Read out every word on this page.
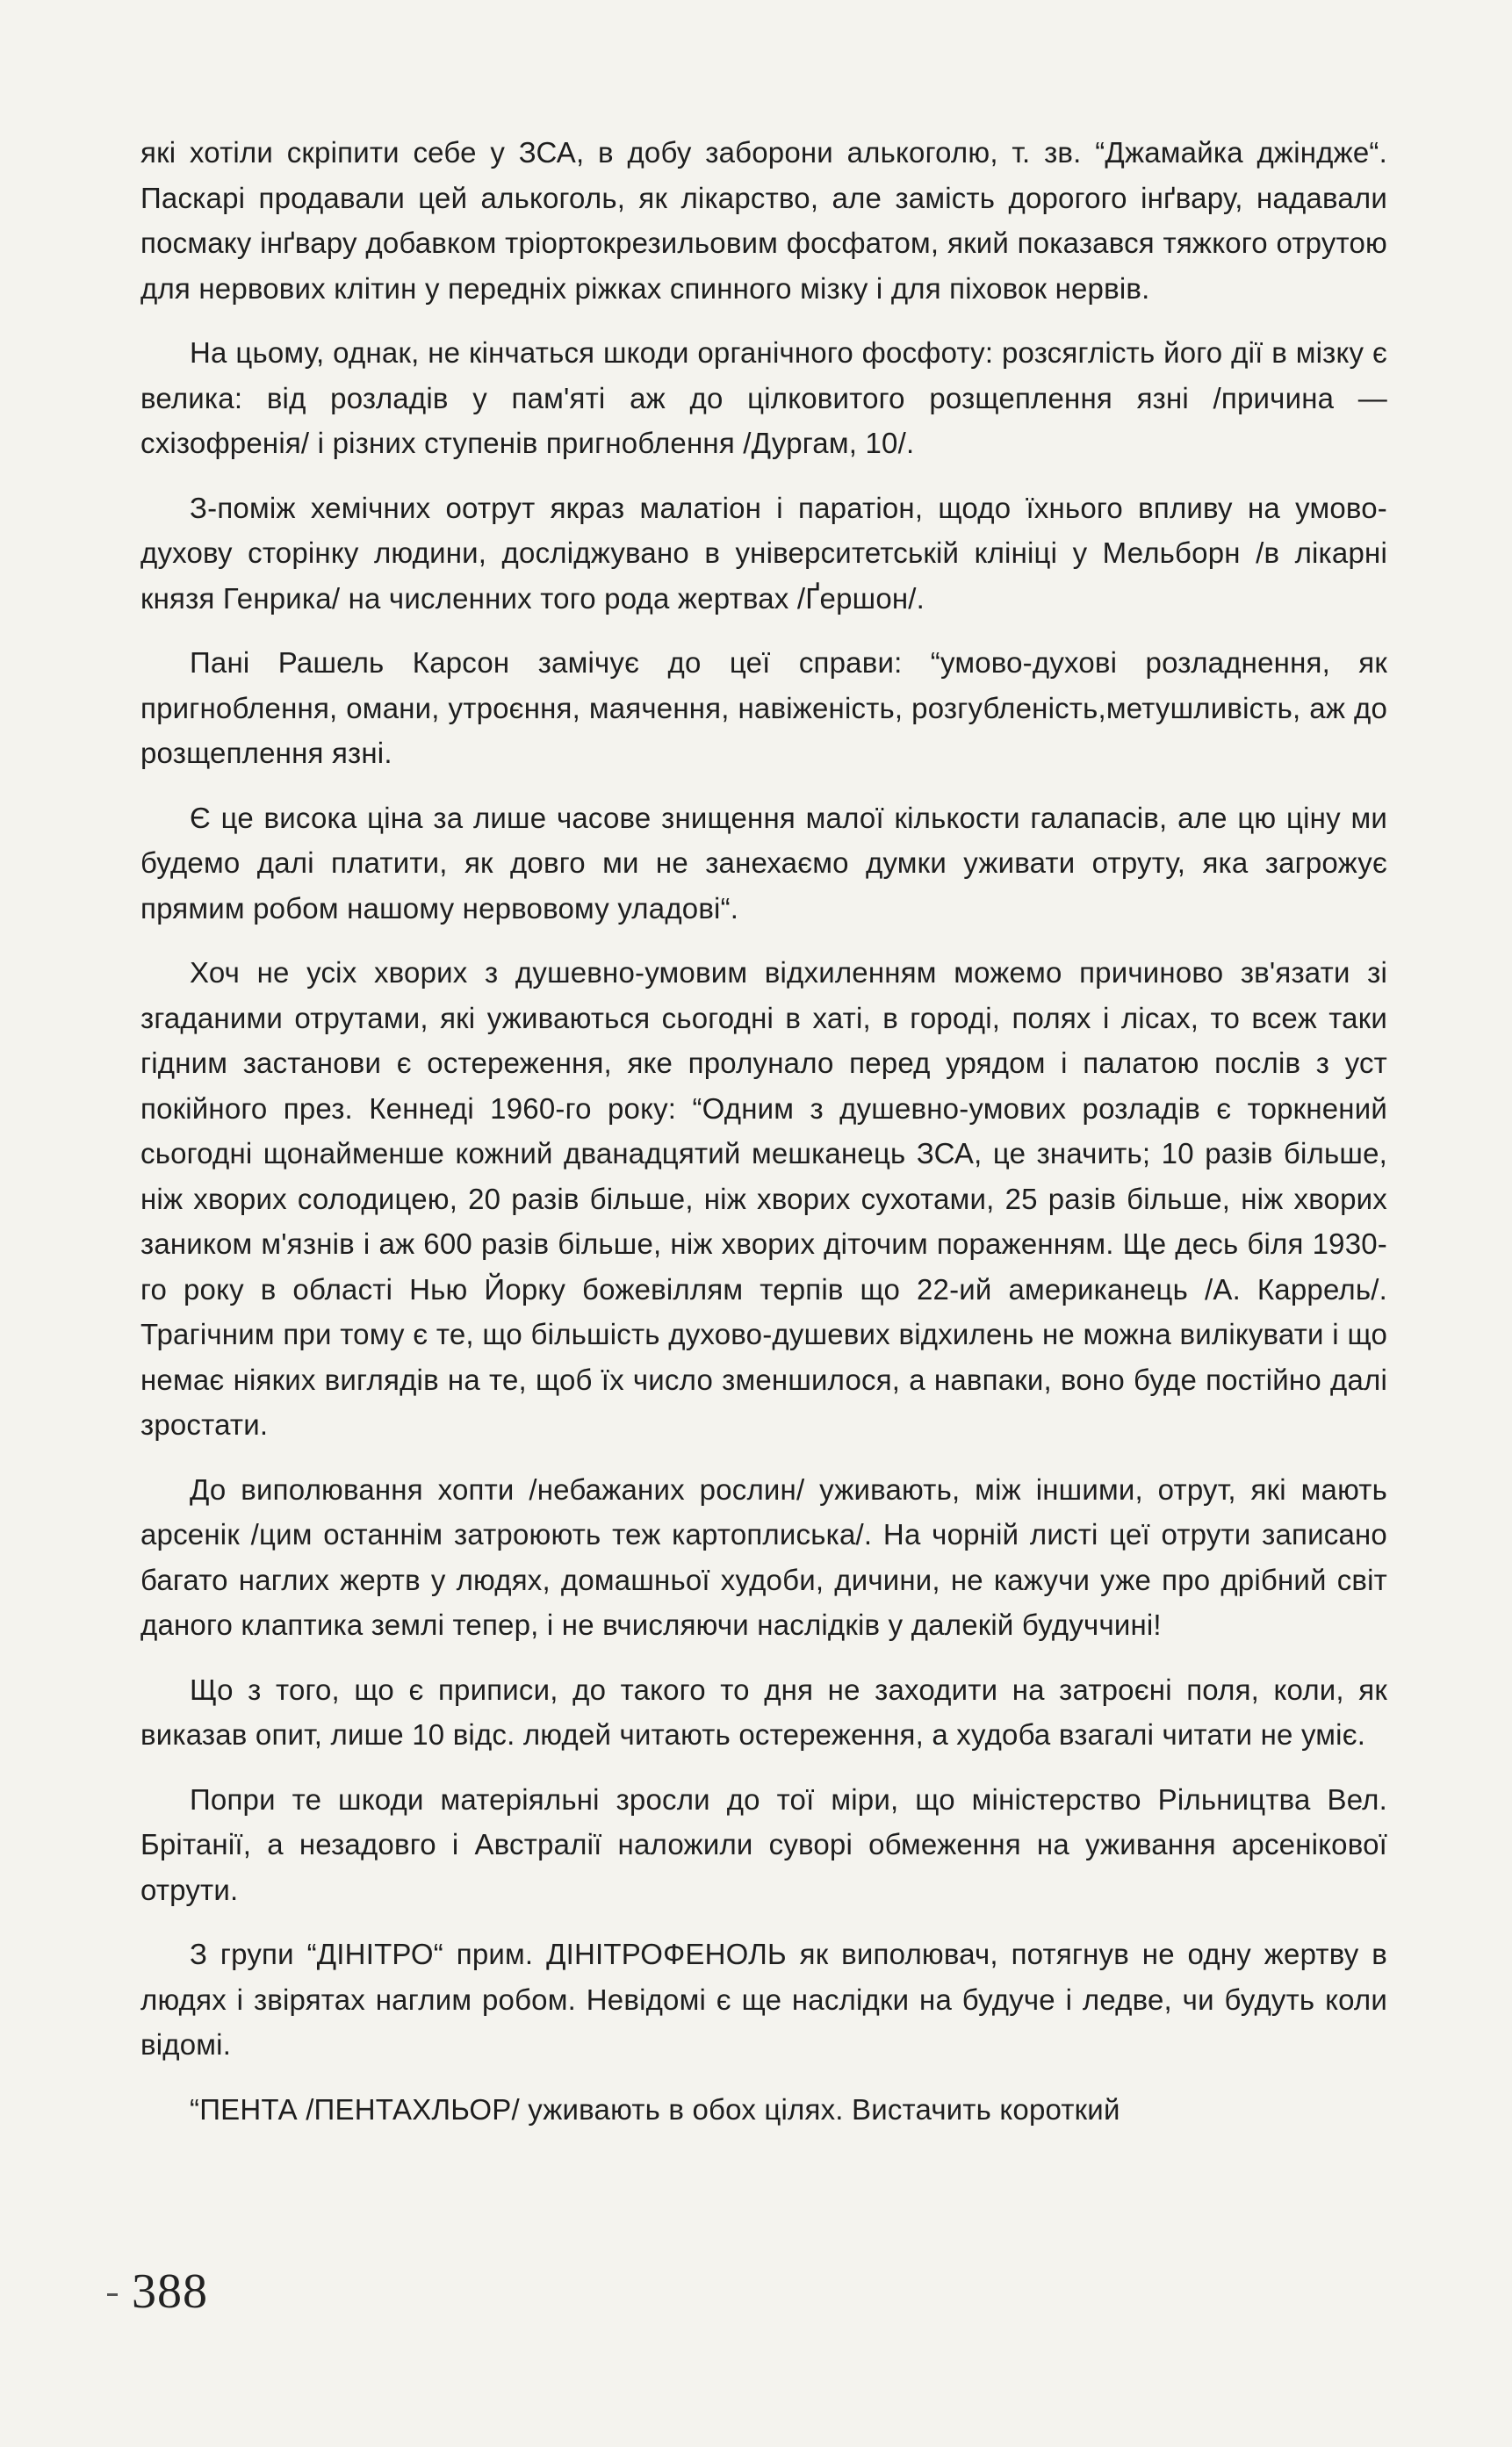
які хотіли скріпити себе у ЗСА, в добу заборони алькоголю, т. зв. “Джамайка джіндже“. Паскарі продавали цей алькоголь, як лікарство, але замість дорогого інґвару, надавали посмаку інґвару добавком тріортокрезильовим фосфатом, який показався тяжкого отрутою для нервових клітин у передніх ріжках спинного мізку і для піховок нервів.

На цьому, однак, не кінчаться шкоди органічного фосфоту: розсяглість його дії в мізку є велика: від розладів у пам'яті аж до цілковитого розщеплення язні /причина — схізофренія/ і різних ступенів пригноблення /Дургам, 10/.

З-поміж хемічних оотрут якраз малатіон і паратіон, щодо їхнього впливу на умово-духову сторінку людини, досліджувано в університетській клініці у Мельборн /в лікарні князя Генрика/ на численних того рода жертвах /Ґершон/.

Пані Рашель Карсон замічує до цеї справи: “умово-духові розладнення, як пригноблення, омани, утроєння, маячення, навіженість, розгубленість,метушливість, аж до розщеплення язні.

Є це висока ціна за лише часове знищення малої кількости галапасів, але цю ціну ми будемо далі платити, як довго ми не занехаємо думки уживати отруту, яка загрожує прямим робом нашому нервовому уладові“.

Хоч не усіх хворих з душевно-умовим відхиленням можемо причиново зв'язати зі згаданими отрутами, які уживаються сьогодні в хаті, в городі, полях і лісах, то всеж таки гідним застанови є остереження, яке пролунало перед урядом і палатою послів з уст покійного през. Кеннеді 1960-го року: “Одним з душевно-умових розладів є торкнений сьогодні щонайменше кожний дванадцятий мешканець ЗСА, це значить; 10 разів більше, ніж хворих солодицею, 20 разів більше, ніж хворих сухотами, 25 разів більше, ніж хворих заником м'язнів і аж 600 разів більше, ніж хворих діточим пораженням. Ще десь біля 1930-го року в області Нью Йорку божевіллям терпів що 22-ий американець /А. Каррель/. Трагічним при тому є те, що більшість духово-душевих відхилень не можна вилікувати і що немає ніяких виглядів на те, щоб їх число зменшилося, а навпаки, воно буде постійно далі зростати.

До виполювання хопти /небажаних рослин/ уживають, між іншими, отрут, які мають арсенік /цим останнім затроюють теж картоплиська/. На чорній листі цеї отрути записано багато наглих жертв у людях, домашньої худоби, дичини, не кажучи уже про дрібний світ даного клаптика землі тепер, і не вчисляючи наслідків у далекій будуччині!

Що з того, що є приписи, до такого то дня не заходити на затроєні поля, коли, як виказав опит, лише 10 відс. людей читають остереження, а худоба взагалі читати не уміє.

Попри те шкоди матеріяльні зросли до тої міри, що міністерство Рільництва Вел. Брітанії, а незадовго і Австралії наложили суворі обмеження на уживання арсенікової отрути.

З групи “ДІНІТРО“ прим. ДІНІТРОФЕНОЛЬ як виполювач, потягнув не одну жертву в людях і звірятах наглим робом. Невідомі є ще наслідки на будуче і ледве, чи будуть коли відомі.

“ПЕНТА /ПЕНТАХЛЬОР/ уживають в обох цілях. Вистачить короткий

388
